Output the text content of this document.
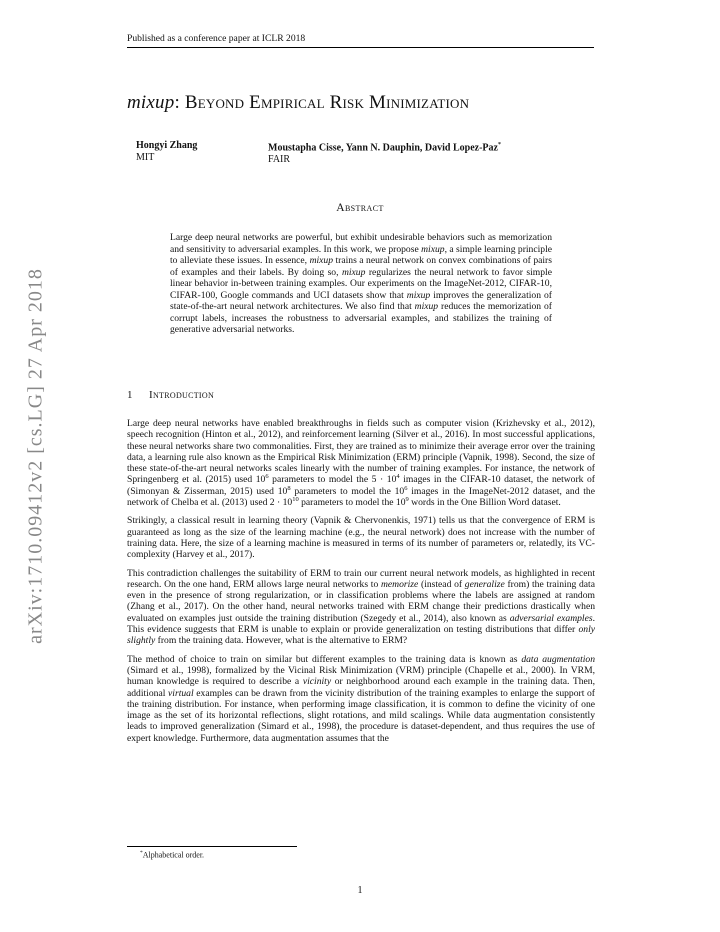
Published as a conference paper at ICLR 2018
mixup: Beyond Empirical Risk Minimization
Hongyi Zhang
MIT
Moustapha Cisse, Yann N. Dauphin, David Lopez-Paz*
FAIR
Abstract
Large deep neural networks are powerful, but exhibit undesirable behaviors such as memorization and sensitivity to adversarial examples. In this work, we propose mixup, a simple learning principle to alleviate these issues. In essence, mixup trains a neural network on convex combinations of pairs of examples and their labels. By doing so, mixup regularizes the neural network to favor simple linear behavior in-between training examples. Our experiments on the ImageNet-2012, CIFAR-10, CIFAR-100, Google commands and UCI datasets show that mixup improves the generalization of state-of-the-art neural network architectures. We also find that mixup reduces the memorization of corrupt labels, increases the robustness to adversarial examples, and stabilizes the training of generative adversarial networks.
1 Introduction

Large deep neural networks have enabled breakthroughs in fields such as computer vision (Krizhevsky et al., 2012), speech recognition (Hinton et al., 2012), and reinforcement learning (Silver et al., 2016). In most successful applications, these neural networks share two commonalities. First, they are trained as to minimize their average error over the training data, a learning rule also known as the Empirical Risk Minimization (ERM) principle (Vapnik, 1998). Second, the size of these state-of-the-art neural networks scales linearly with the number of training examples. For instance, the network of Springenberg et al. (2015) used $10^6$ parameters to model the $5 \cdot 10^4$ images in the CIFAR-10 dataset, the network of (Simonyan & Zisserman, 2015) used $10^8$ parameters to model the $10^6$ images in the ImageNet-2012 dataset, and the network of Chelba et al. (2013) used $2 \cdot 10^{10}$ parameters to model the $10^9$ words in the One Billion Word dataset.

Strikingly, a classical result in learning theory (Vapnik & Chervonenkis, 1971) tells us that the convergence of ERM is guaranteed as long as the size of the learning machine (e.g., the neural network) does not increase with the number of training data. Here, the size of a learning machine is measured in terms of its number of parameters or, relatedly, its VC-complexity (Harvey et al., 2017).

This contradiction challenges the suitability of ERM to train our current neural network models, as highlighted in recent research. On the one hand, ERM allows large neural networks to memorize (instead of generalize from) the training data even in the presence of strong regularization, or in classification problems where the labels are assigned at random (Zhang et al., 2017). On the other hand, neural networks trained with ERM change their predictions drastically when evaluated on examples just outside the training distribution (Szegedy et al., 2014), also known as adversarial examples. This evidence suggests that ERM is unable to explain or provide generalization on testing distributions that differ only slightly from the training data. However, what is the alternative to ERM?

The method of choice to train on similar but different examples to the training data is known as data augmentation (Simard et al., 1998), formalized by the Vicinal Risk Minimization (VRM) principle (Chapelle et al., 2000). In VRM, human knowledge is required to describe a vicinity or neighborhood around each example in the training data. Then, additional virtual examples can be drawn from the vicinity distribution of the training examples to enlarge the support of the training distribution. For instance, when performing image classification, it is common to define the vicinity of one image as the set of its horizontal reflections, slight rotations, and mild scalings. While data augmentation consistently leads to improved generalization (Simard et al., 1998), the procedure is dataset-dependent, and thus requires the use of expert knowledge. Furthermore, data augmentation assumes that the

*Alphabetical order.
1
arXiv:1710.09412v2 [cs.LG] 27 Apr 2018
